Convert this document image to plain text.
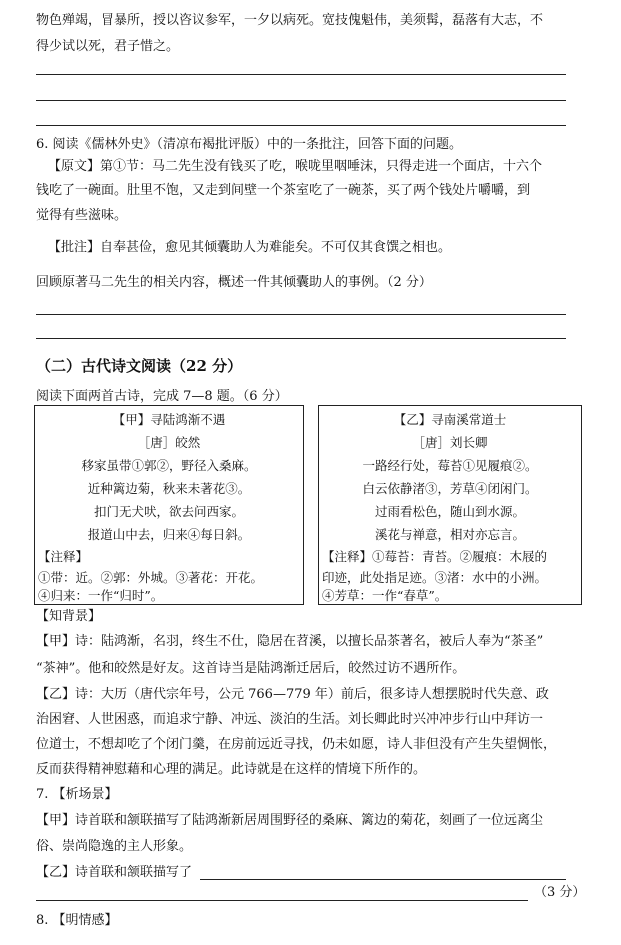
物色殚竭，冒暴所，授以咨议参军，一夕以病死。宽技傀魁伟，美须髯，磊落有大志，不
得少试以死，君子惜之。
6. 阅读《儒林外史》（清凉布褐批评版）中的一条批注，回答下面的问题。
【原文】第①节：马二先生没有钱买了吃，喉咙里咽唾沫，只得走进一个面店，十六个
钱吃了一碗面。肚里不饱，又走到间壁一个茶室吃了一碗茶，买了两个钱处片嚼嚼，到
觉得有些滋味。
【批注】自奉甚俭，愈见其倾囊助人为难能矣。不可仅其食馔之相也。
回顾原著马二先生的相关内容，概述一件其倾囊助人的事例。（2 分）
（二）古代诗文阅读（22 分）
阅读下面两首古诗，完成 7—8 题。（6 分）
【甲】寻陆鸿渐不遇
［唐］皎然
移家虽带①郭②，野径入桑麻。
近种篱边菊，秋来未著花③。
扣门无犬吠，欲去问西家。
报道山中去，归来④每日斜。
【注释】
①带：近。②郭：外城。③著花：开花。
④归来：一作“归时”。
【乙】寻南溪常道士
［唐］刘长卿
一路经行处，莓苔①见履痕②。
白云依静渚③，芳草④闭闲门。
过雨看松色，随山到水源。
溪花与禅意，相对亦忘言。
【注释】①莓苔：青苔。②履痕：木屐的
印迹，此处指足迹。③渚：水中的小洲。
④芳草：一作“春草”。
【知背景】
【甲】诗：陆鸿渐，名羽，终生不仕，隐居在苕溪，以擅长品茶著名，被后人奉为“茶圣”
“茶神”。他和皎然是好友。这首诗当是陆鸿渐迁居后，皎然过访不遇所作。
【乙】诗：大历（唐代宗年号，公元 766—779 年）前后，很多诗人想摆脱时代失意、政
治困窘、人世困惑，而追求宁静、冲远、淡泊的生活。刘长卿此时兴冲冲步行山中拜访一
位道士，不想却吃了个闭门羹，在房前远近寻找，仍未如愿，诗人非但没有产生失望惆怅，
反而获得精神慰藉和心理的满足。此诗就是在这样的情境下所作的。
7. 【析场景】
【甲】诗首联和颔联描写了陆鸿渐新居周围野径的桑麻、篱边的菊花，刻画了一位远离尘
俗、崇尚隐逸的主人形象。
【乙】诗首联和颔联描写了
（3 分）
8. 【明情感】
